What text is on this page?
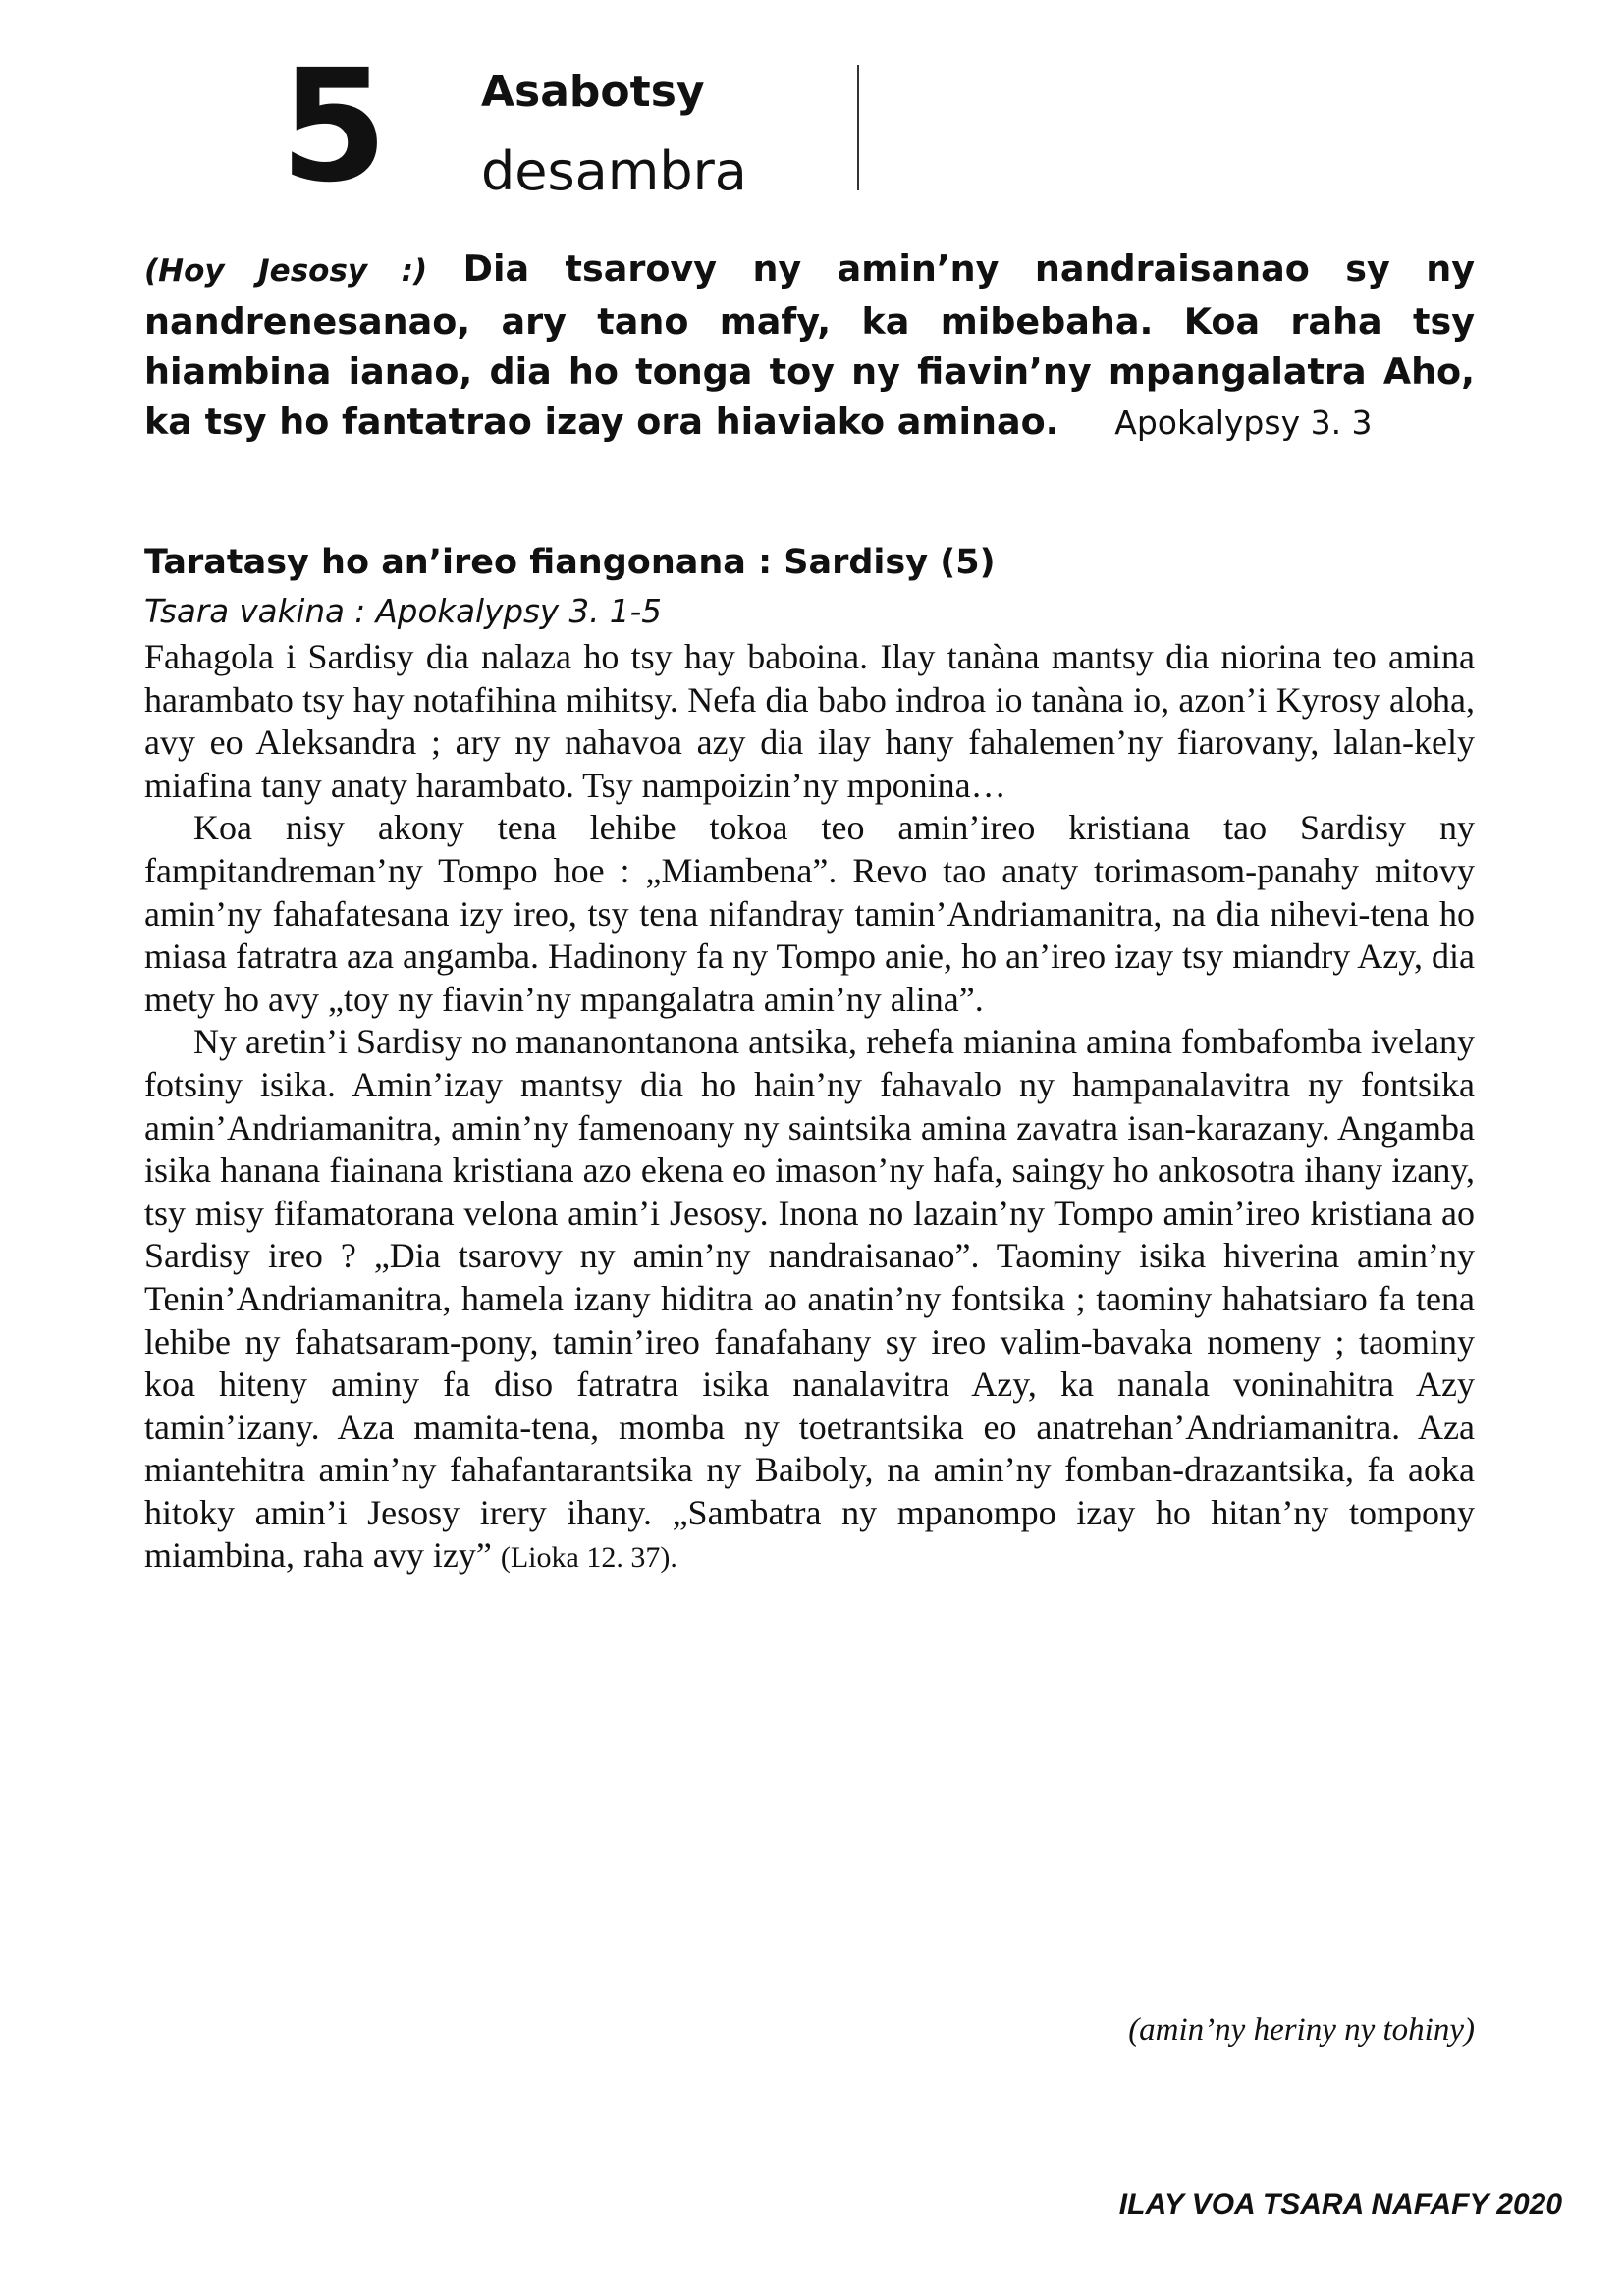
5 Asabotsy
desambra
(Hoy Jesosy :) Dia tsarovy ny amin’ny nandraisanao sy ny nandrenesanao, ary tano mafy, ka mibebaha. Koa raha tsy hiambina ianao, dia ho tonga toy ny fiavin’ny mpangalatra Aho, ka tsy ho fantatrao izay ora hiaviako aminao. Apokalypsy 3. 3
Taratasy ho an’ireo fiangonana : Sardisy (5)
Tsara vakina : Apokalypsy 3. 1-5

Fahagola i Sardisy dia nalaza ho tsy hay baboina. Ilay tanàna mantsy dia niorina teo amina harambato tsy hay notafihina mihitsy. Nefa dia babo indroa io tanàna io, azon’i Kyrosy aloha, avy eo Aleksandra ; ary ny nahavoa azy dia ilay hany fahalemen’ny fiarovany, lalan-kely miafina tany anaty harambato. Tsy nampoizin’ny mponina…

Koa nisy akony tena lehibe tokoa teo amin’ireo kristiana tao Sardisy ny fampitandreman’ny Tompo hoe : „Miambena”. Revo tao anaty torimasom-panahy mitovy amin’ny fahafatesana izy ireo, tsy tena nifandray tamin’Andriamanitra, na dia nihevi-tena ho miasa fatratra aza angamba. Hadinony fa ny Tompo anie, ho an’ireo izay tsy miandry Azy, dia mety ho avy „toy ny fiavin’ny mpangalatra amin’ny alina”.

Ny aretin’i Sardisy no mananontanona antsika, rehefa mianina amina fombafomba ivelany fotsiny isika. Amin’izay mantsy dia ho hain’ny fahavalo ny hampanalavitra ny fontsika amin’Andriamanitra, amin’ny famenoany ny saintsika amina zavatra isan-karazany. Angamba isika hanana fiainana kristiana azo ekena eo imason’ny hafa, saingy ho ankosotra ihany izany, tsy misy fifamatorana velona amin’i Jesosy. Inona no lazain’ny Tompo amin’ireo kristiana ao Sardisy ireo ? „Dia tsarovy ny amin’ny nandraisanao”. Taominy isika hiverina amin’ny Tenin’Andriamanitra, hamela izany hiditra ao anatin’ny fontsika ; taominy hahatsiaro fa tena lehibe ny fahatsaram-pony, tamin’ireo fanafahany sy ireo valim-bavaka nomeny ; taominy koa hiteny aminy fa diso fatratra isika nanalavitra Azy, ka nanala voninahitra Azy tamin’izany. Aza mamita-tena, momba ny toetrantsika eo anatrehan’Andriamanitra. Aza miantehitra amin’ny fahafantarantsika ny Baiboly, na amin’ny fomban-drazantsika, fa aoka hitoky amin’i Jesosy irery ihany. „Sambatra ny mpanompo izay ho hitan’ny tompony miambina, raha avy izy” (Lioka 12. 37).

(amin’ny heriny ny tohiny)
ILAY VOA TSARA NAFAFY 2020
